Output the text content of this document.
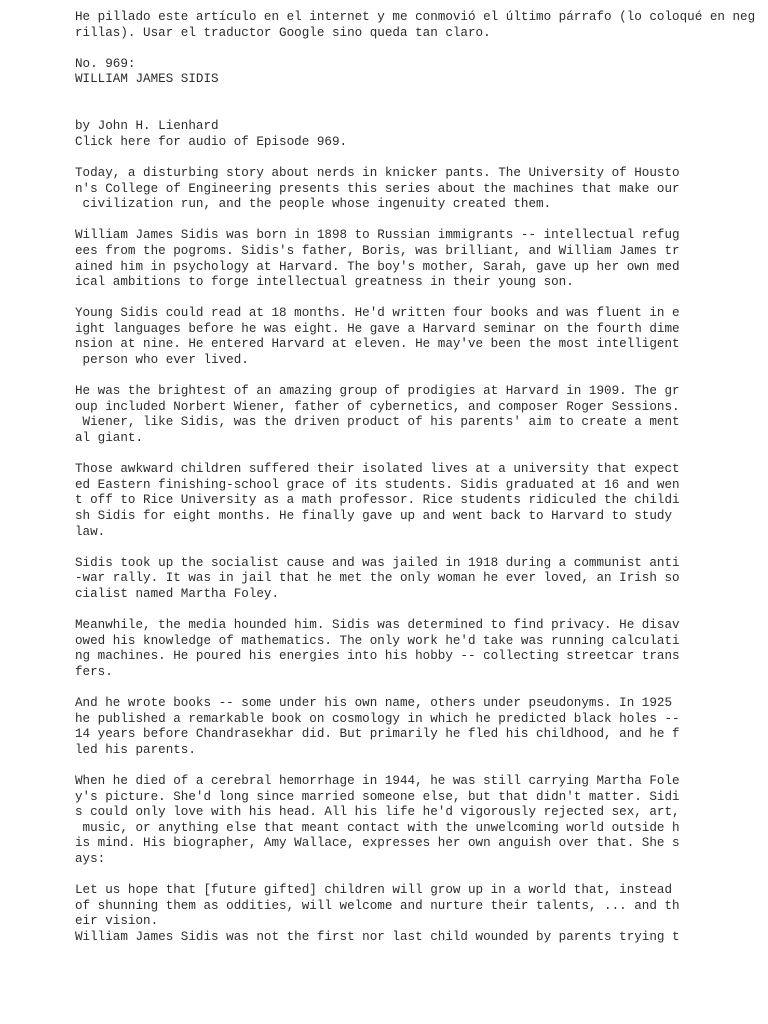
He pillado este artículo en el internet y me conmovió el último párrafo (lo coloqué en neg
rillas). Usar el traductor Google sino queda tan claro.

No. 969:

WILLIAM JAMES SIDIS

by John H. Lienhard

Click here for audio of Episode 969.

Today, a disturbing story about nerds in knicker pants. The University of Housto
n's College of Engineering presents this series about the machines that make our
civilization run, and the people whose ingenuity created them.

William James Sidis was born in 1898 to Russian immigrants -- intellectual refug
ees from the pogroms. Sidis's father, Boris, was brilliant, and William James tr
ained him in psychology at Harvard. The boy's mother, Sarah, gave up her own med
ical ambitions to forge intellectual greatness in their young son.

Young Sidis could read at 18 months. He'd written four books and was fluent in e
ight languages before he was eight. He gave a Harvard seminar on the fourth dime
nsion at nine. He entered Harvard at eleven. He may've been the most intelligent
person who ever lived.

He was the brightest of an amazing group of prodigies at Harvard in 1909. The gr
oup included Norbert Wiener, father of cybernetics, and composer Roger Sessions.
Wiener, like Sidis, was the driven product of his parents' aim to create a ment
al giant.

Those awkward children suffered their isolated lives at a university that expect
ed Eastern finishing-school grace of its students. Sidis graduated at 16 and wen
t off to Rice University as a math professor. Rice students ridiculed the childi
sh Sidis for eight months. He finally gave up and went back to Harvard to study
law.

Sidis took up the socialist cause and was jailed in 1918 during a communist anti
-war rally. It was in jail that he met the only woman he ever loved, an Irish so
cialist named Martha Foley.

Meanwhile, the media hounded him. Sidis was determined to find privacy. He disav
owed his knowledge of mathematics. The only work he'd take was running calculati
ng machines. He poured his energies into his hobby -- collecting streetcar trans
fers.

And he wrote books -- some under his own name, others under pseudonyms. In 1925
he published a remarkable book on cosmology in which he predicted black holes --
14 years before Chandrasekhar did. But primarily he fled his childhood, and he f
led his parents.

When he died of a cerebral hemorrhage in 1944, he was still carrying Martha Fole
y's picture. She'd long since married someone else, but that didn't matter. Sidi
s could only love with his head. All his life he'd vigorously rejected sex, art,
music, or anything else that meant contact with the unwelcoming world outside h
is mind. His biographer, Amy Wallace, expresses her own anguish over that. She s
ays:

Let us hope that [future gifted] children will grow up in a world that, instead
of shunning them as oddities, will welcome and nurture their talents, ... and th
eir vision.

William James Sidis was not the first nor last child wounded by parents trying t
